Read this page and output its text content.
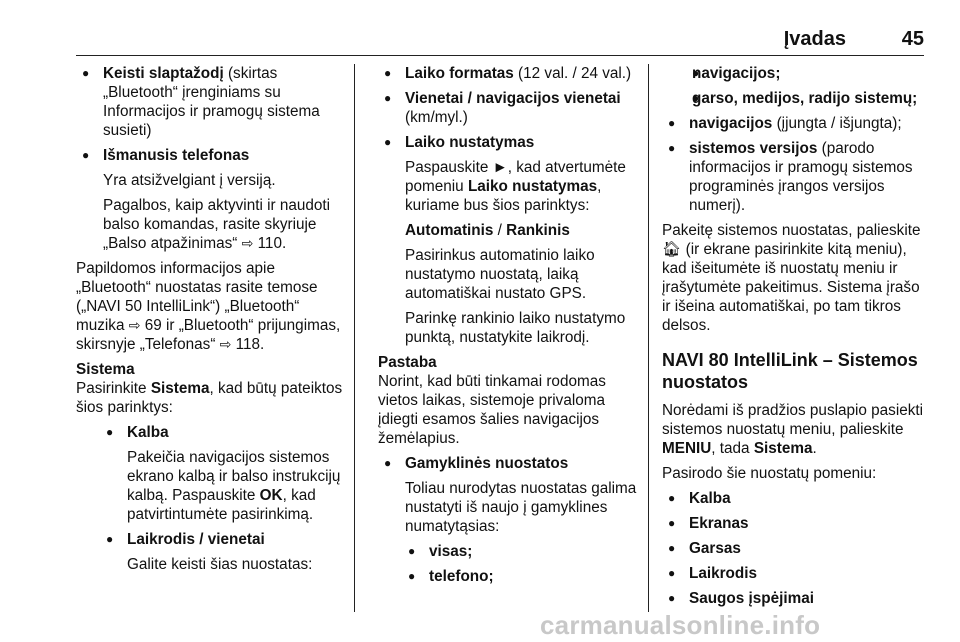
Įvadas	45
● Keisti slaptažodį (skirtas „Bluetooth“ įrenginiams su Informacijos ir pramogų sistema susieti)
● Išmanusis telefonas
Yra atsižvelgiant į versiją.
Pagalbos, kaip aktyvinti ir naudoti balso komandas, rasite skyriuje „Balso atpažinimas“ ⇨ 110.

Papildomos informacijos apie „Bluetooth“ nuostatas rasite temose („NAVI 50 IntelliLink“) „Bluetooth“ muzika ⇨ 69 ir „Bluetooth“ prijungimas, skirsnyje „Telefonas“ ⇨ 118.

Sistema

Pasirinkite Sistema, kad būtų pateiktos šios parinktys:

● Kalba
Pakeičia navigacijos sistemos ekrano kalbą ir balso instrukcijų kalbą. Paspauskite OK, kad patvirtintumėte pasirinkimą.
● Laikrodis / vienetai
Galite keisti šias nuostatas:
● Laiko formatas (12 val. / 24 val.)
● Vienetai / navigacijos vienetai (km/myl.)
● Laiko nustatymas
Paspauskite ►, kad atvertumėte pomeniu Laiko nustatymas, kuriame bus šios parinktys:
Automatinis / Rankinis
Pasirinkus automatinio laiko nustatymo nuostatą, laiką automatiškai nustato GPS.
Parinkę rankinio laiko nustatymo punktą, nustatykite laikrodį.
Pastaba

Norint, kad būti tinkamai rodomas vietos laikas, sistemoje privaloma įdiegti esamos šalies navigacijos žemėlapius.

● Gamyklinės nuostatos
Toliau nurodytas nuostatas galima nustatyti iš naujo į gamyklines numatytąsias:
● visas;
● telefono;
● navigacijos;
● garso, medijos, radijo sistemų;
● navigacijos (įjungta / išjungta);
● sistemos versijos (parodo informacijos ir pramogų sistemos programinės įrangos versijos numerį).

Pakeitę sistemos nuostatas, palieskite 🏠︎ (ir ekrane pasirinkite kitą meniu), kad išeitumėte iš nuostatų meniu ir įrašytumėte pakeitimus. Sistema įrašo ir išeina automatiškai, po tam tikros delsos.

NAVI 80 IntelliLink – Sistemos nuostatos

Norėdami iš pradžios puslapio pasiekti sistemos nuostatų meniu, palieskite MENIU, tada Sistema.

Pasirodo šie nuostatų pomeniu:

● Kalba
● Ekranas
● Garsas
● Laikrodis
● Saugos įspėjimai
carmanualsonline.info
